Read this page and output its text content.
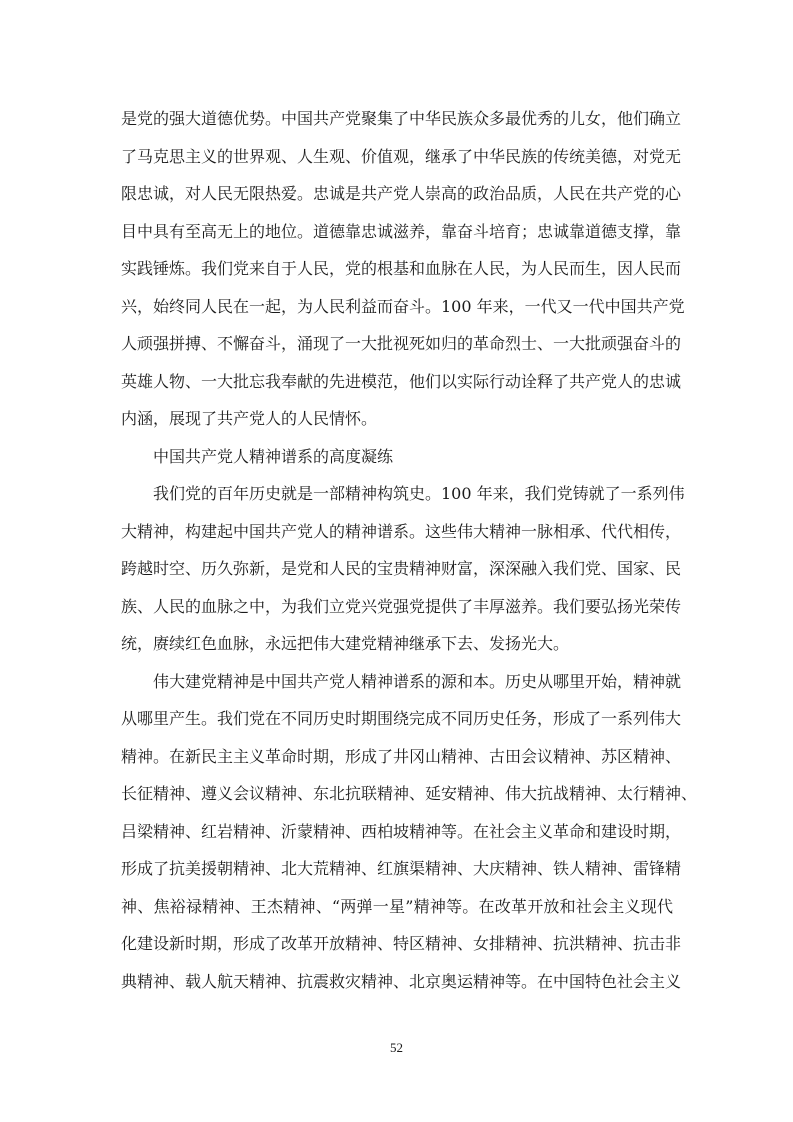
是党的强大道德优势。中国共产党聚集了中华民族众多最优秀的儿女，他们确立
了马克思主义的世界观、人生观、价值观，继承了中华民族的传统美德，对党无
限忠诚，对人民无限热爱。忠诚是共产党人崇高的政治品质，人民在共产党的心
目中具有至高无上的地位。道德靠忠诚滋养，靠奋斗培育；忠诚靠道德支撑，靠
实践锤炼。我们党来自于人民，党的根基和血脉在人民，为人民而生，因人民而
兴，始终同人民在一起，为人民利益而奋斗。100 年来，一代又一代中国共产党
人顽强拼搏、不懈奋斗，涌现了一大批视死如归的革命烈士、一大批顽强奋斗的
英雄人物、一大批忘我奉献的先进模范，他们以实际行动诠释了共产党人的忠诚
内涵，展现了共产党人的人民情怀。
中国共产党人精神谱系的高度凝练
我们党的百年历史就是一部精神构筑史。100 年来，我们党铸就了一系列伟
大精神，构建起中国共产党人的精神谱系。这些伟大精神一脉相承、代代相传，
跨越时空、历久弥新，是党和人民的宝贵精神财富，深深融入我们党、国家、民
族、人民的血脉之中，为我们立党兴党强党提供了丰厚滋养。我们要弘扬光荣传
统，赓续红色血脉，永远把伟大建党精神继承下去、发扬光大。
伟大建党精神是中国共产党人精神谱系的源和本。历史从哪里开始，精神就
从哪里产生。我们党在不同历史时期围绕完成不同历史任务，形成了一系列伟大
精神。在新民主主义革命时期，形成了井冈山精神、古田会议精神、苏区精神、
长征精神、遵义会议精神、东北抗联精神、延安精神、伟大抗战精神、太行精神、
吕梁精神、红岩精神、沂蒙精神、西柏坡精神等。在社会主义革命和建设时期，
形成了抗美援朝精神、北大荒精神、红旗渠精神、大庆精神、铁人精神、雷锋精
神、焦裕禄精神、王杰精神、“两弹一星”精神等。在改革开放和社会主义现代
化建设新时期，形成了改革开放精神、特区精神、女排精神、抗洪精神、抗击非
典精神、载人航天精神、抗震救灾精神、北京奥运精神等。在中国特色社会主义
52
